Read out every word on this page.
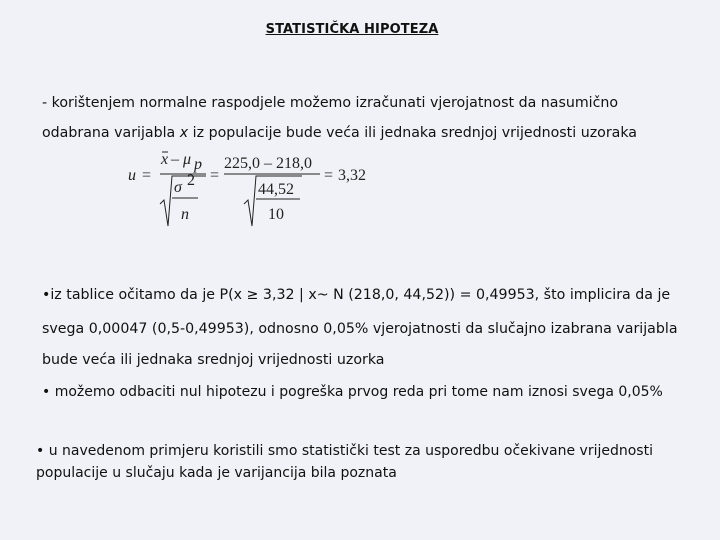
STATISTIČKA HIPOTEZA
- korištenjem normalne raspodjele možemo izračunati vjerojatnost da nasumično
odabrana varijabla x iz populacije bude veća ili jednaka srednjoj vrijednosti uzoraka
u =
x – μ p
σ 2
n
=
225,0 – 218,0
44,52
10
= 3,32
•iz tablice očitamo da je P(x ≥ 3,32 | x~ N (218,0, 44,52)) = 0,49953, što implicira da je
svega 0,00047 (0,5-0,49953), odnosno 0,05% vjerojatnosti da slučajno izabrana varijabla
bude veća ili jednaka srednjoj vrijednosti uzorka
• možemo odbaciti nul hipotezu i pogreška prvog reda pri tome nam iznosi svega 0,05%
• u navedenom primjeru koristili smo statistički test za usporedbu očekivane vrijednosti
populacije u slučaju kada je varijancija bila poznata
